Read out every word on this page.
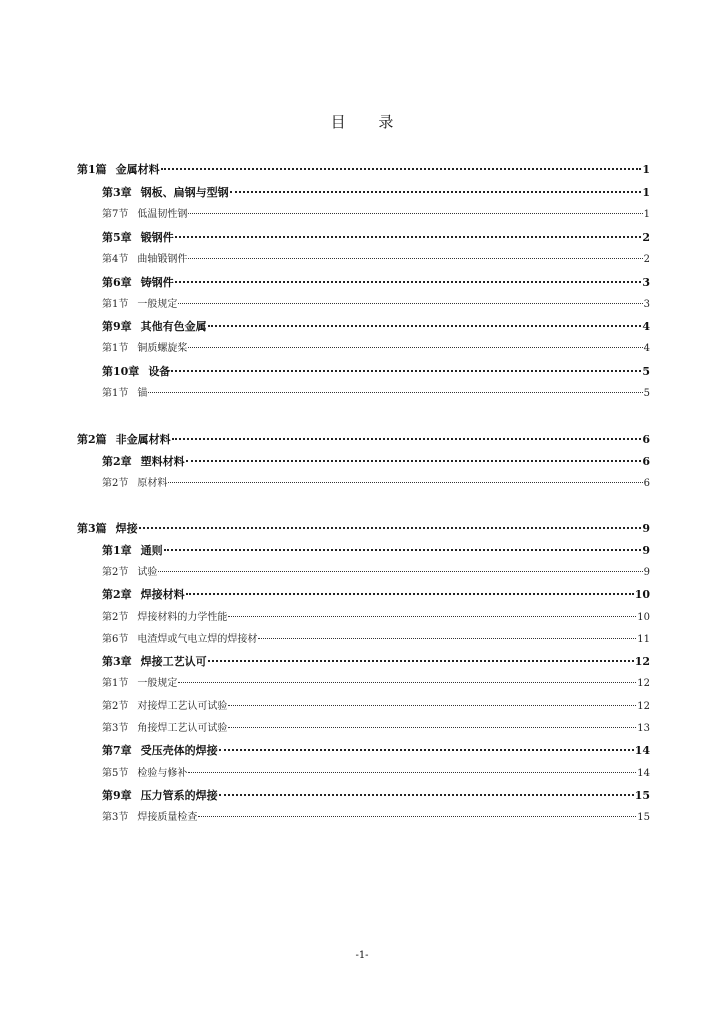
目 录
第1篇 金属材料	1
第3章 钢板、扁钢与型钢	1
第7节 低温韧性钢	1
第5章 锻钢件	2
第4节 曲轴锻钢件	2
第6章 铸钢件	3
第1节 一般规定	3
第9章 其他有色金属	4
第1节 铜质螺旋桨	4
第10章 设备	5
第1节 锚	5
第2篇 非金属材料	6
第2章 塑料材料	6
第2节 原材料	6
第3篇 焊接	9
第1章 通则	9
第2节 试验	9
第2章 焊接材料	10
第2节 焊接材料的力学性能	10
第6节 电渣焊或气电立焊的焊接材	11
第3章 焊接工艺认可	12
第1节 一般规定	12
第2节 对接焊工艺认可试验	12
第3节 角接焊工艺认可试验	13
第7章 受压壳体的焊接	14
第5节 检验与修补	14
第9章 压力管系的焊接	15
第3节 焊接质量检查	15
-1-
